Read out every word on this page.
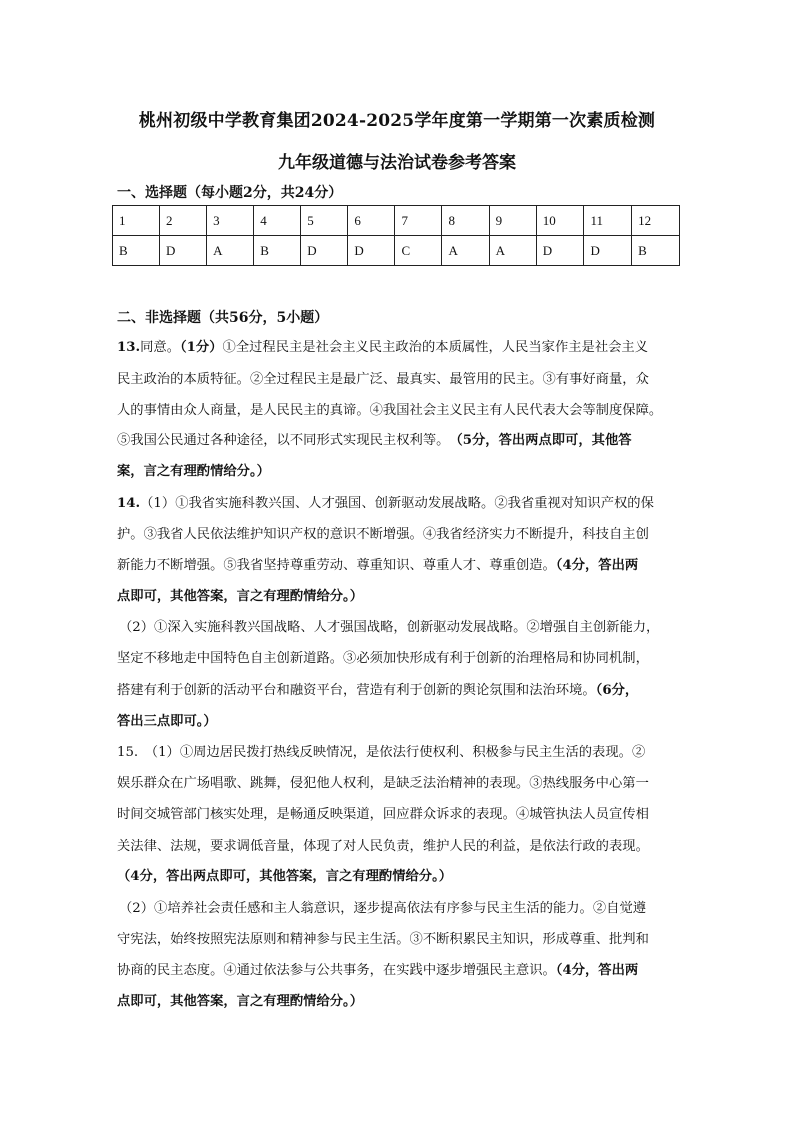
桃州初级中学教育集团2024-2025学年度第一学期第一次素质检测
九年级道德与法治试卷参考答案
一、选择题（每小题2分，共24分）
1	2	3	4	5	6	7	8	9	10	11	12
B	D	A	B	D	D	C	A	A	D	D	B
二、非选择题（共56分，5小题）
13.同意。（1分）①全过程民主是社会主义民主政治的本质属性，人民当家作主是社会主义
民主政治的本质特征。②全过程民主是最广泛、最真实、最管用的民主。③有事好商量，众
人的事情由众人商量，是人民民主的真谛。④我国社会主义民主有人民代表大会等制度保障。
⑤我国公民通过各种途径，以不同形式实现民主权利等。　（5分，答出两点即可，其他答
案，言之有理酌情给分。）
14.（1）①我省实施科教兴国、人才强国、创新驱动发展战略。②我省重视对知识产权的保
护。③我省人民依法维护知识产权的意识不断增强。④我省经济实力不断提升，科技自主创
新能力不断增强。⑤我省坚持尊重劳动、尊重知识、尊重人才、尊重创造。（4分，答出两
点即可，其他答案，言之有理酌情给分。）
（2）①深入实施科教兴国战略、人才强国战略，创新驱动发展战略。②增强自主创新能力，
坚定不移地走中国特色自主创新道路。③必须加快形成有利于创新的治理格局和协同机制，
搭建有利于创新的活动平台和融资平台，营造有利于创新的舆论氛围和法治环境。（6分，
答出三点即可。）
15.　（1）①周边居民拨打热线反映情况，是依法行使权利、积极参与民主生活的表现。②
娱乐群众在广场唱歌、跳舞，侵犯他人权利，是缺乏法治精神的表现。③热线服务中心第一
时间交城管部门核实处理，是畅通反映渠道，回应群众诉求的表现。④城管执法人员宣传相
关法律、法规，要求调低音量，体现了对人民负责，维护人民的利益，是依法行政的表现。
（4分，答出两点即可，其他答案，言之有理酌情给分。）
（2）①培养社会责任感和主人翁意识，逐步提高依法有序参与民主生活的能力。②自觉遵
守宪法，始终按照宪法原则和精神参与民主生活。③不断积累民主知识，形成尊重、批判和
协商的民主态度。④通过依法参与公共事务，在实践中逐步增强民主意识。（4分，答出两
点即可，其他答案，言之有理酌情给分。）
